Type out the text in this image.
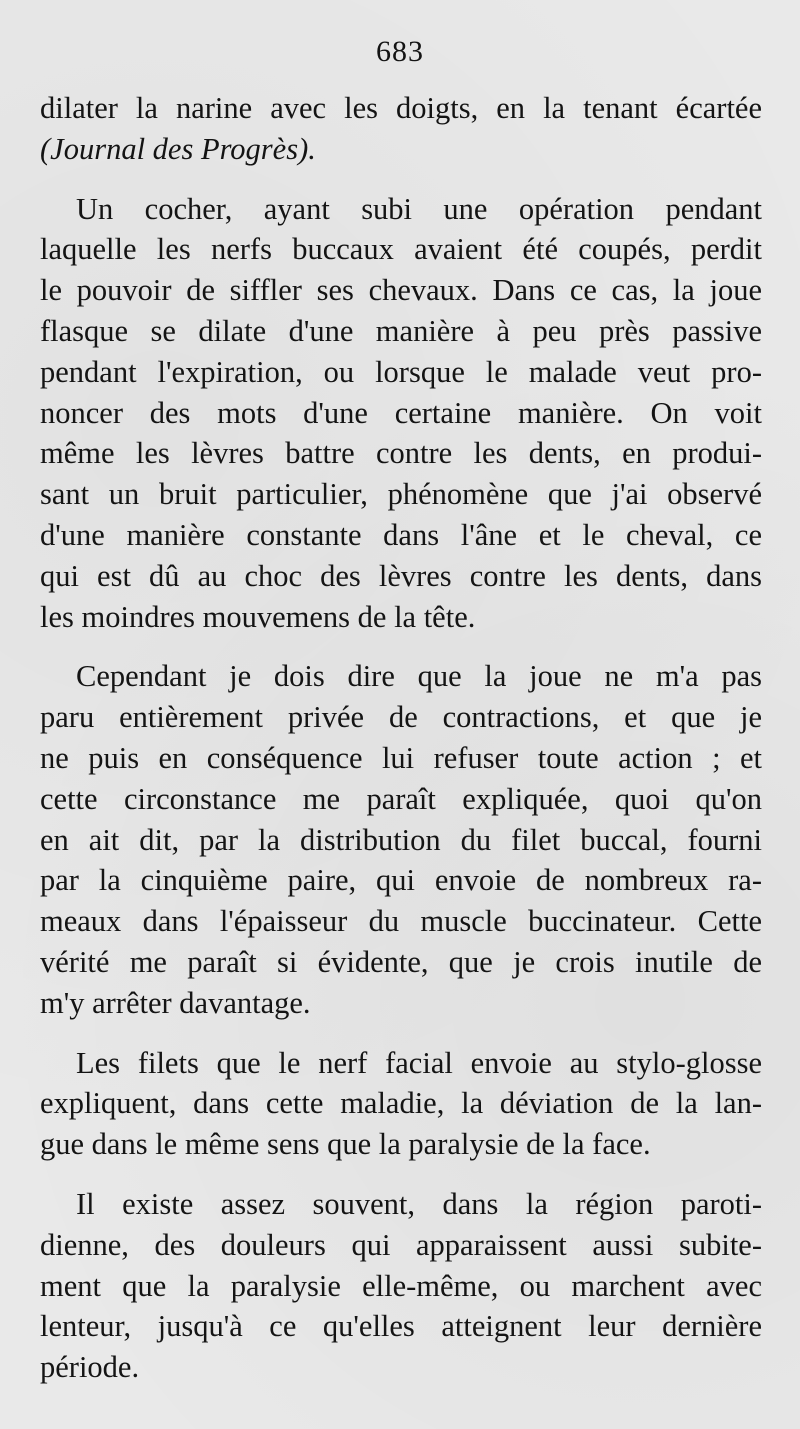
683
dilater la narine avec les doigts, en la tenant écartée
(Journal des Progrès).
Un cocher, ayant subi une opération pendant
laquelle les nerfs buccaux avaient été coupés, perdit
le pouvoir de siffler ses chevaux. Dans ce cas, la joue
flasque se dilate d'une manière à peu près passive
pendant l'expiration, ou lorsque le malade veut pro-
noncer des mots d'une certaine manière. On voit
même les lèvres battre contre les dents, en produi-
sant un bruit particulier, phénomène que j'ai observé
d'une manière constante dans l'âne et le cheval, ce
qui est dû au choc des lèvres contre les dents, dans
les moindres mouvemens de la tête.
Cependant je dois dire que la joue ne m'a pas
paru entièrement privée de contractions, et que je
ne puis en conséquence lui refuser toute action ; et
cette circonstance me paraît expliquée, quoi qu'on
en ait dit, par la distribution du filet buccal, fourni
par la cinquième paire, qui envoie de nombreux ra-
meaux dans l'épaisseur du muscle buccinateur. Cette
vérité me paraît si évidente, que je crois inutile de
m'y arrêter davantage.
Les filets que le nerf facial envoie au stylo-glosse
expliquent, dans cette maladie, la déviation de la lan-
gue dans le même sens que la paralysie de la face.
Il existe assez souvent, dans la région paroti-
dienne, des douleurs qui apparaissent aussi subite-
ment que la paralysie elle-même, ou marchent avec
lenteur, jusqu'à ce qu'elles atteignent leur dernière
période.
